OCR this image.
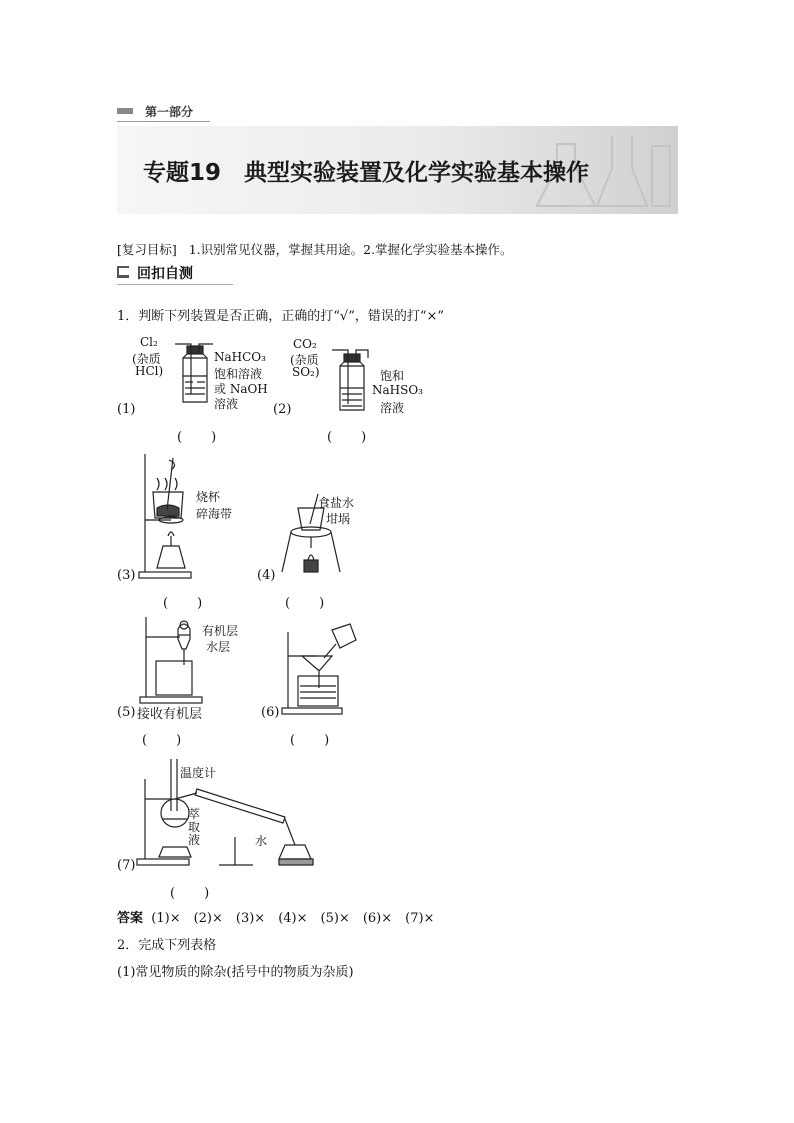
第一部分
专题19　典型实验装置及化学实验基本操作
[复习目标] 1.识别常见仪器，掌握其用途。2.掌握化学实验基本操作。
回扣自测
1．判断下列装置是否正确，正确的打“√”，错误的打“×”
Cl₂
(杂质
HCl)
NaHCO₃
饱和溶液
或 NaOH
溶液
(1)
(　　)
CO₂
(杂质
SO₂)	饱和
NaHSO₃
溶液
(2)
(　　)
烧杯
碎海带
(3)
(　　)
食盐水
坩埚
(4)
(　　)
有机层
水层
(5) 接收有机层
(　　)
(6)
(　　)
温度计
萃
取
液	水
(7)
(　　)
答案 (1)×　(2)×　(3)×　(4)×　(5)×　(6)×　(7)×
2．完成下列表格
(1)常见物质的除杂(括号中的物质为杂质)
